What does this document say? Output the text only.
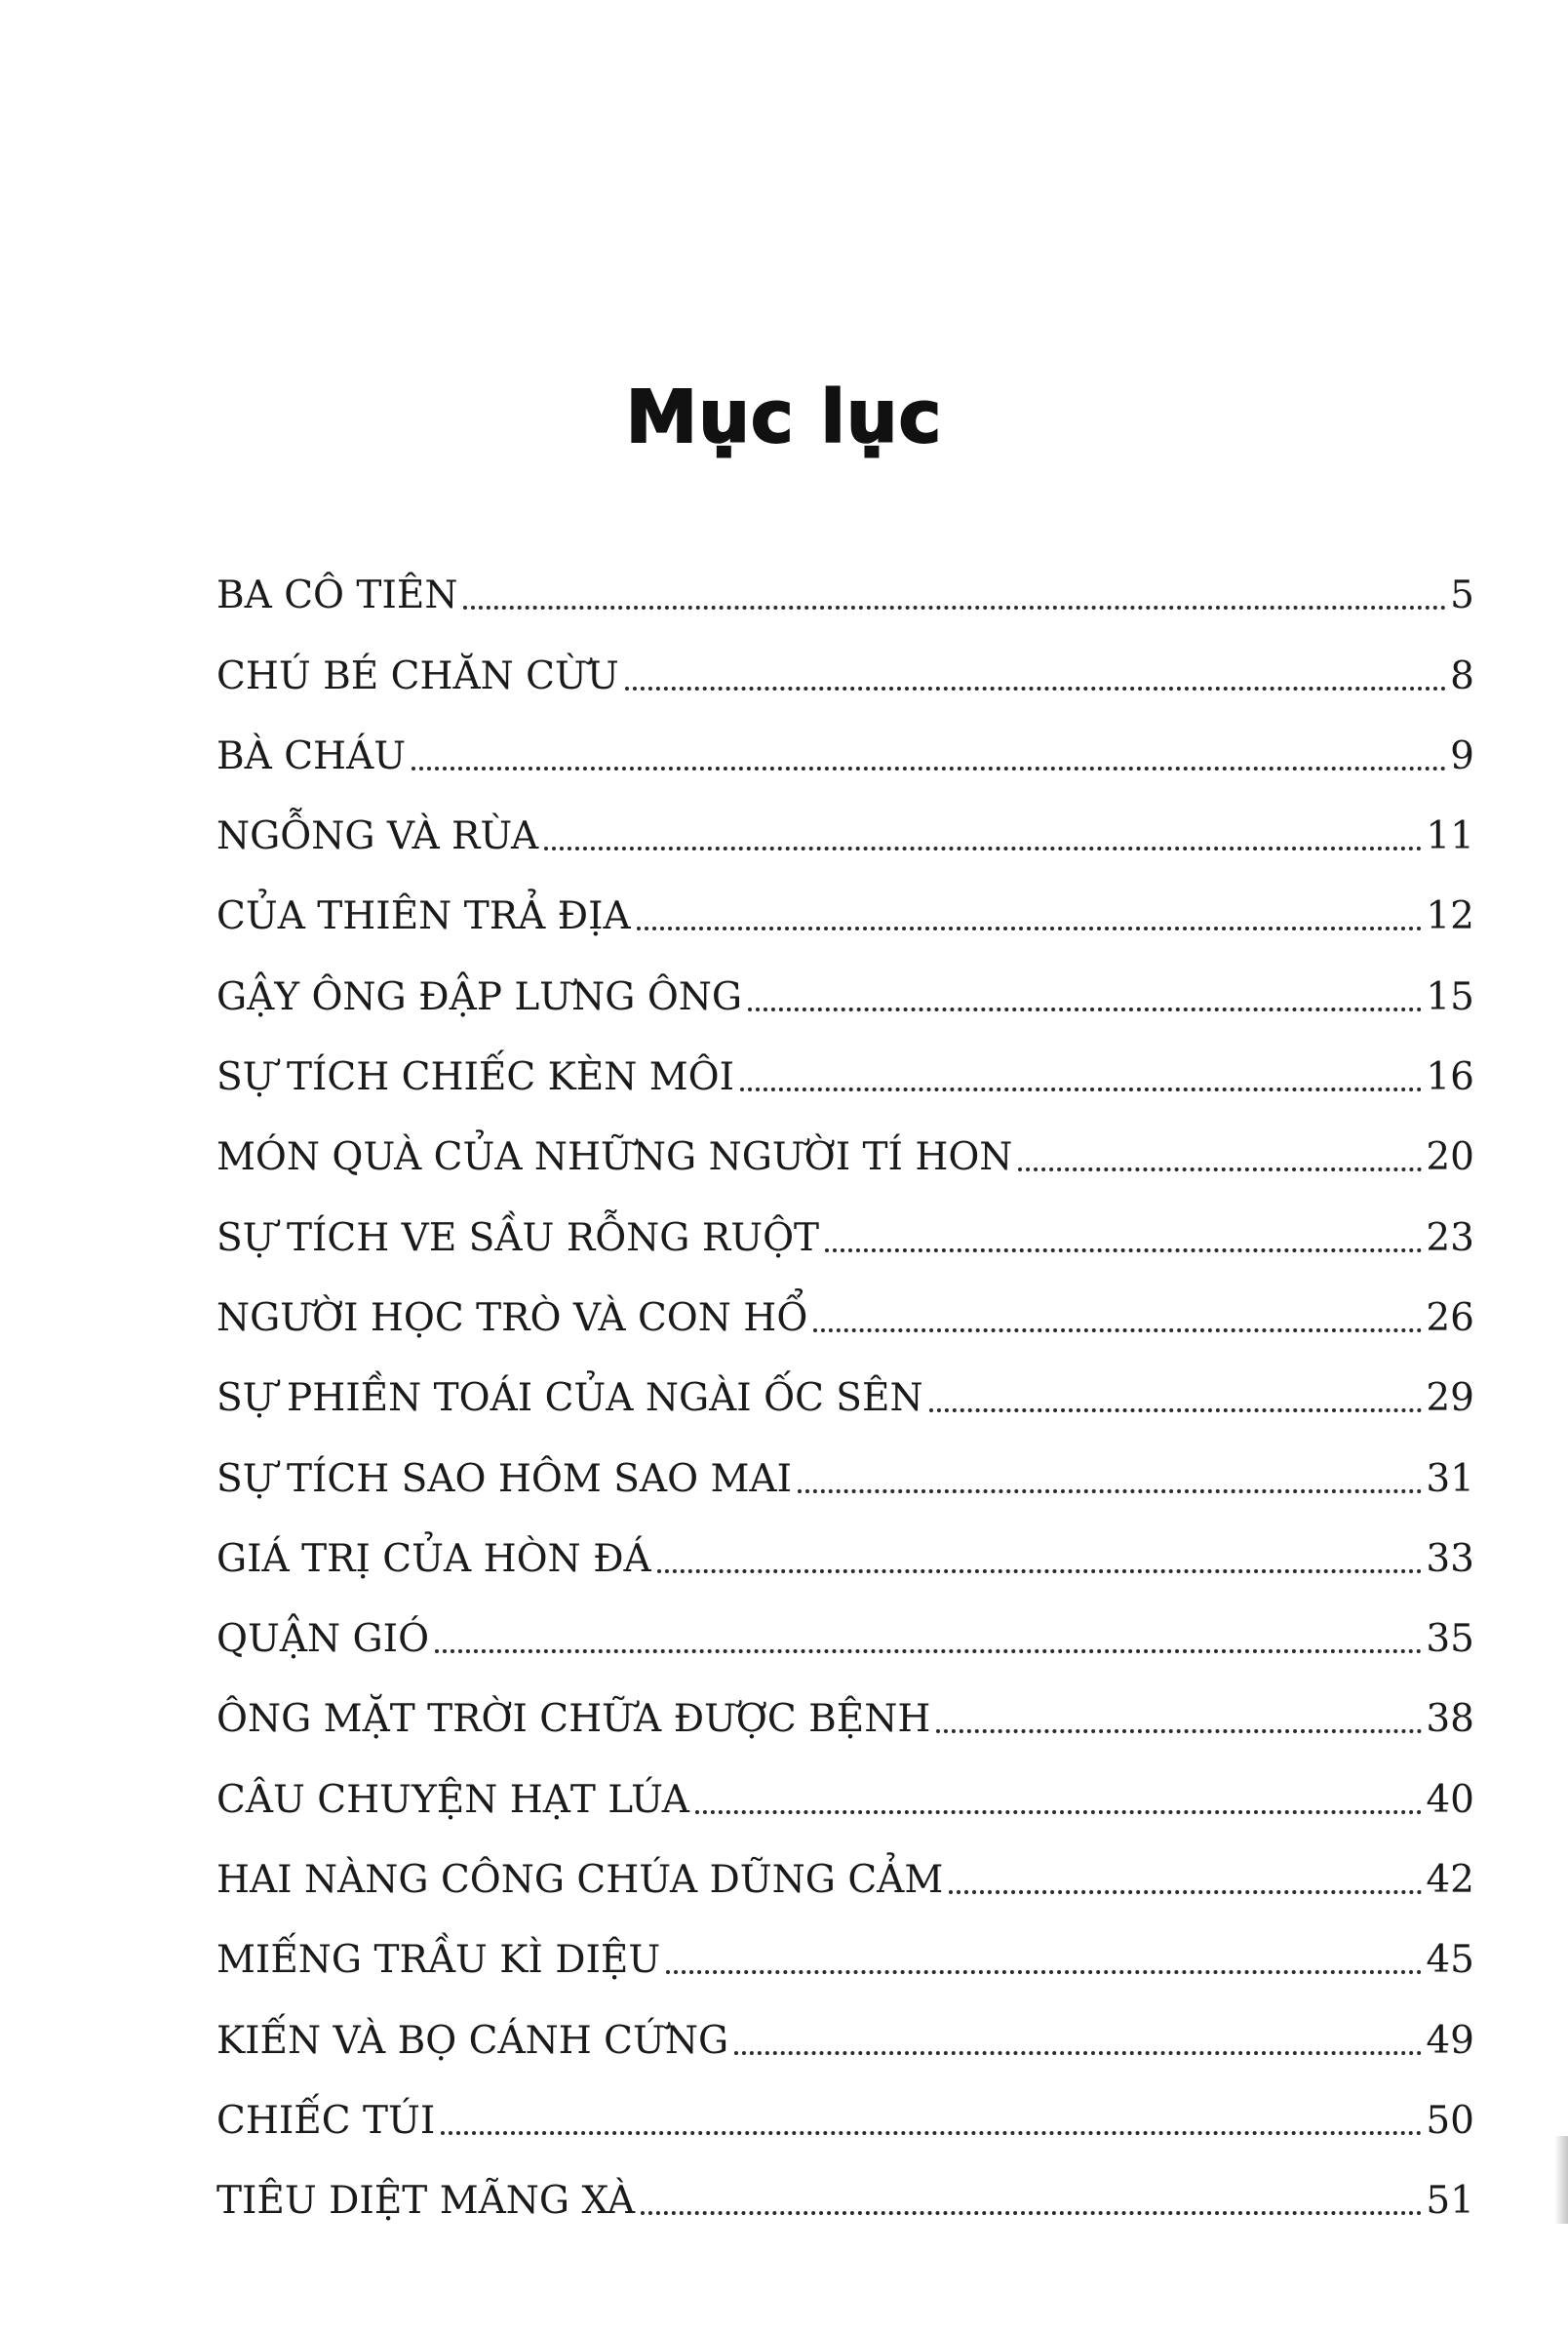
Mục lục
BA CÔ TIÊN	5
CHÚ BÉ CHĂN CỪU	8
BÀ CHÁU	9
NGỖNG VÀ RÙA	11
CỦA THIÊN TRẢ ĐỊA	12
GẬY ÔNG ĐẬP LƯNG ÔNG	15
SỰ TÍCH CHIẾC KÈN MÔI	16
MÓN QUÀ CỦA NHỮNG NGƯỜI TÍ HON	20
SỰ TÍCH VE SẦU RỖNG RUỘT	23
NGƯỜI HỌC TRÒ VÀ CON HỔ	26
SỰ PHIỀN TOÁI CỦA NGÀI ỐC SÊN	29
SỰ TÍCH SAO HÔM SAO MAI	31
GIÁ TRỊ CỦA HÒN ĐÁ	33
QUẬN GIÓ	35
ÔNG MẶT TRỜI CHỮA ĐƯỢC BỆNH	38
CÂU CHUYỆN HẠT LÚA	40
HAI NÀNG CÔNG CHÚA DŨNG CẢM	42
MIẾNG TRẦU KÌ DIỆU	45
KIẾN VÀ BỌ CÁNH CỨNG	49
CHIẾC TÚI	50
TIÊU DIỆT MÃNG XÀ	51
